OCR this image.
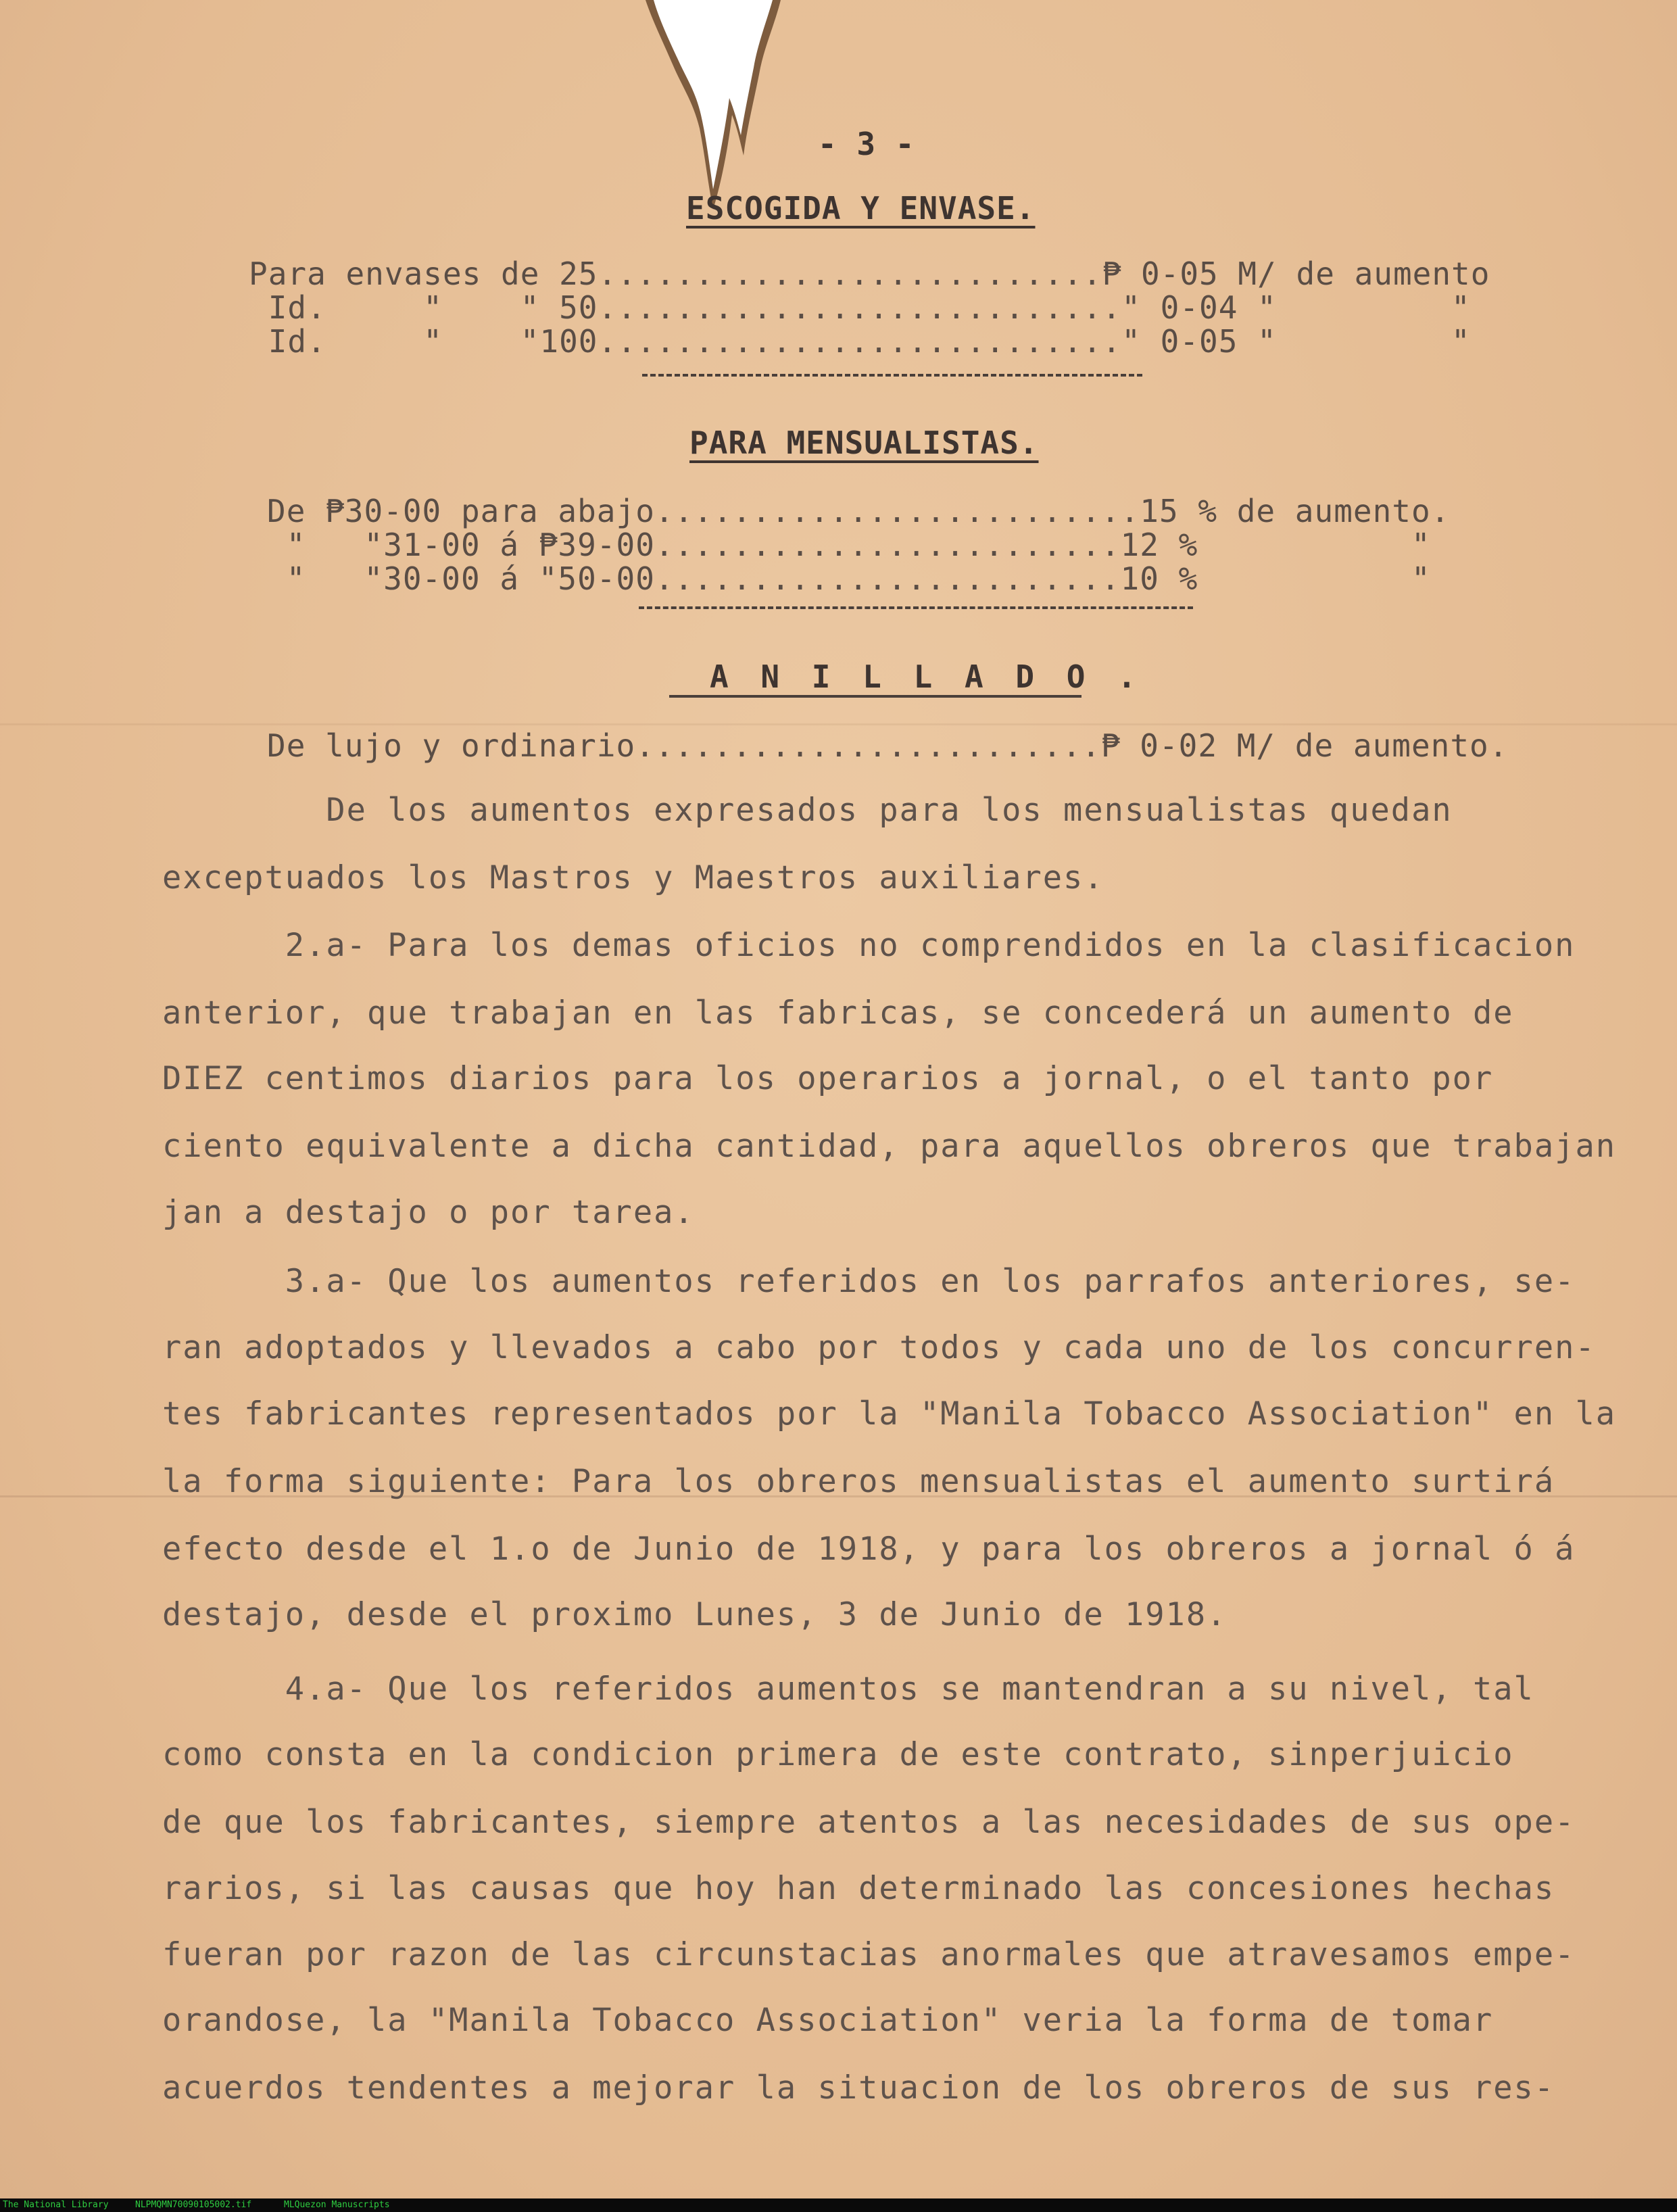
- 3 -
ESCOGIDA Y ENVASE.
Para envases de 25..........................₱ 0-05 M/ de aumento
Id.     "    " 50..........................." 0-04 "         "
Id.     "    "100..........................." 0-05 "         "
PARA MENSUALISTAS.
De ₱30-00 para abajo.........................15 % de aumento.
"   "31-00 á ₱39-00........................12 %           "
"   "30-00 á "50-00........................10 %           "
A N I L L A D O .
De lujo y ordinario........................₱ 0-02 M/ de aumento.
De los aumentos expresados para los mensualistas quedan
exceptuados los Mastros y Maestros auxiliares.
2.a- Para los demas oficios no comprendidos en la clasificacion
anterior, que trabajan en las fabricas, se concederá un aumento de
DIEZ centimos diarios para los operarios a jornal, o el tanto por
ciento equivalente a dicha cantidad, para aquellos obreros que trabajan
jan a destajo o por tarea.
3.a- Que los aumentos referidos en los parrafos anteriores, se-
ran adoptados y llevados a cabo por todos y cada uno de los concurren-
tes fabricantes representados por la "Manila Tobacco Association" en la
la forma siguiente: Para los obreros mensualistas el aumento surtirá
efecto desde el 1.o de Junio de 1918, y para los obreros a jornal ó á
destajo, desde el proximo Lunes, 3 de Junio de 1918.
4.a- Que los referidos aumentos se mantendran a su nivel, tal
como consta en la condicion primera de este contrato, sinperjuicio
de que los fabricantes, siempre atentos a las necesidades de sus ope-
rarios, si las causas que hoy han determinado las concesiones hechas
fueran por razon de las circunstacias anormales que atravesamos empe-
orandose, la "Manila Tobacco Association" veria la forma de tomar
acuerdos tendentes a mejorar la situacion de los obreros de sus res-
The National Library	NLPMQMN70090105002.tif	MLQuezon Manuscripts
